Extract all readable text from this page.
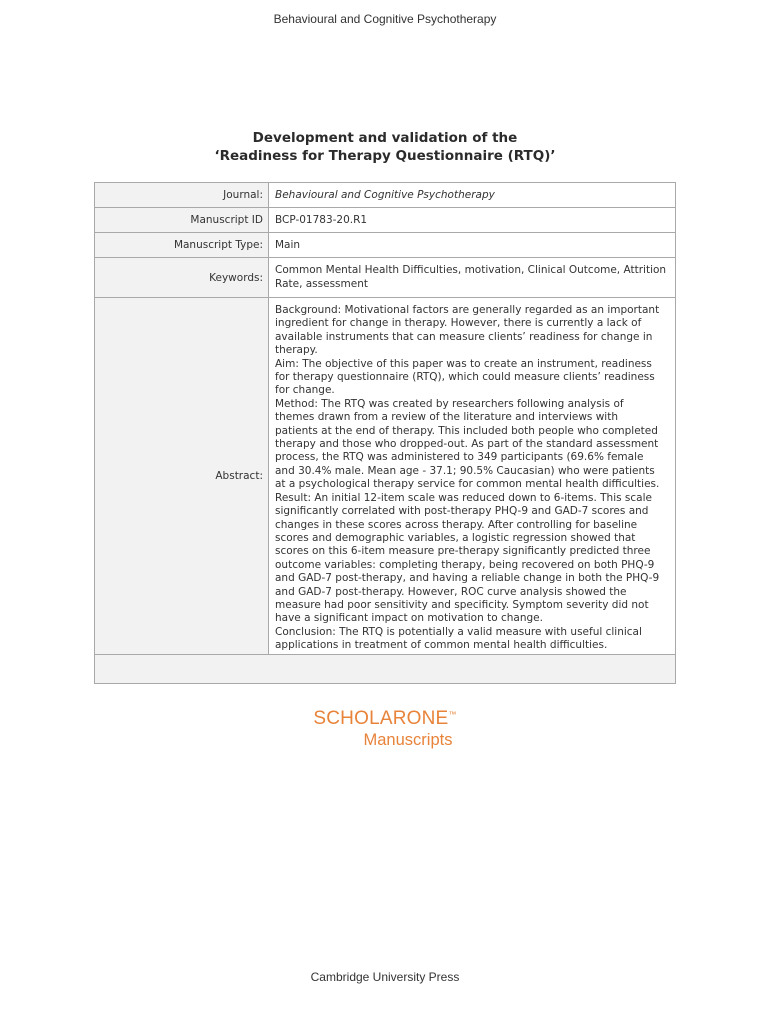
Behavioural and Cognitive Psychotherapy
Development and validation of the
‘Readiness for Therapy Questionnaire (RTQ)’
Journal:	Behavioural and Cognitive Psychotherapy
Manuscript ID	BCP-01783-20.R1
Manuscript Type:	Main
Keywords:
Common Mental Health Difficulties, motivation, Clinical Outcome, Attrition Rate, assessment
Abstract:
Background: Motivational factors are generally regarded as an important
ingredient for change in therapy. However, there is currently a lack of
available instruments that can measure clients’ readiness for change in
therapy.
Aim: The objective of this paper was to create an instrument, readiness
for therapy questionnaire (RTQ), which could measure clients’ readiness
for change.
Method: The RTQ was created by researchers following analysis of
themes drawn from a review of the literature and interviews with
patients at the end of therapy. This included both people who completed
therapy and those who dropped-out. As part of the standard assessment
process, the RTQ was administered to 349 participants (69.6% female
and 30.4% male. Mean age - 37.1; 90.5% Caucasian) who were patients
at a psychological therapy service for common mental health difficulties.
Result: An initial 12-item scale was reduced down to 6-items. This scale
significantly correlated with post-therapy PHQ-9 and GAD-7 scores and
changes in these scores across therapy. After controlling for baseline
scores and demographic variables, a logistic regression showed that
scores on this 6-item measure pre-therapy significantly predicted three
outcome variables: completing therapy, being recovered on both PHQ-9
and GAD-7 post-therapy, and having a reliable change in both the PHQ-9
and GAD-7 post-therapy. However, ROC curve analysis showed the
measure had poor sensitivity and specificity. Symptom severity did not
have a significant impact on motivation to change.
Conclusion: The RTQ is potentially a valid measure with useful clinical
applications in treatment of common mental health difficulties.
SCHOLARONE™
Manuscripts
Cambridge University Press
